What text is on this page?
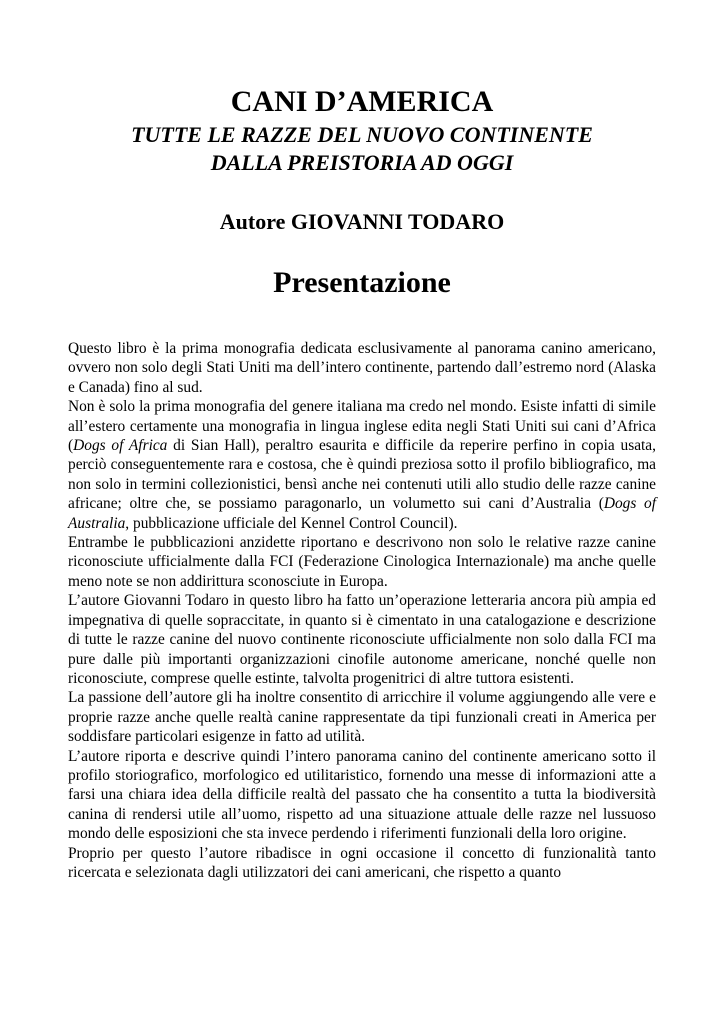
CANI D’AMERICA
TUTTE LE RAZZE DEL NUOVO CONTINENTE
DALLA PREISTORIA AD OGGI
Autore GIOVANNI TODARO
Presentazione

Questo libro è la prima monografia dedicata esclusivamente al panorama canino americano, ovvero non solo degli Stati Uniti ma dell’intero continente, partendo dall’estremo nord (Alaska e Canada) fino al sud.

Non è solo la prima monografia del genere italiana ma credo nel mondo. Esiste infatti di simile all’estero certamente una monografia in lingua inglese edita negli Stati Uniti sui cani d’Africa (Dogs of Africa di Sian Hall), peraltro esaurita e difficile da reperire perfino in copia usata, perciò conseguentemente rara e costosa, che è quindi preziosa sotto il profilo bibliografico, ma non solo in termini collezionistici, bensì anche nei contenuti utili allo studio delle razze canine africane; oltre che, se possiamo paragonarlo, un volumetto sui cani d’Australia (Dogs of Australia, pubblicazione ufficiale del Kennel Control Council).

Entrambe le pubblicazioni anzidette riportano e descrivono non solo le relative razze canine riconosciute ufficialmente dalla FCI (Federazione Cinologica Internazionale) ma anche quelle meno note se non addirittura sconosciute in Europa.

L’autore Giovanni Todaro in questo libro ha fatto un’operazione letteraria ancora più ampia ed impegnativa di quelle sopraccitate, in quanto si è cimentato in una catalogazione e descrizione di tutte le razze canine del nuovo continente riconosciute ufficialmente non solo dalla FCI ma pure dalle più importanti organizzazioni cinofile autonome americane, nonché quelle non riconosciute, comprese quelle estinte, talvolta progenitrici di altre tuttora esistenti.

La passione dell’autore gli ha inoltre consentito di arricchire il volume aggiungendo alle vere e proprie razze anche quelle realtà canine rappresentate da tipi funzionali creati in America per soddisfare particolari esigenze in fatto ad utilità.

L’autore riporta e descrive quindi l’intero panorama canino del continente americano sotto il profilo storiografico, morfologico ed utilitaristico, fornendo una messe di informazioni atte a farsi una chiara idea della difficile realtà del passato che ha consentito a tutta la biodiversità canina di rendersi utile all’uomo, rispetto ad una situazione attuale delle razze nel lussuoso mondo delle esposizioni che sta invece perdendo i riferimenti funzionali della loro origine.

Proprio per questo l’autore ribadisce in ogni occasione il concetto di funzionalità tanto ricercata e selezionata dagli utilizzatori dei cani americani, che rispetto a quanto
